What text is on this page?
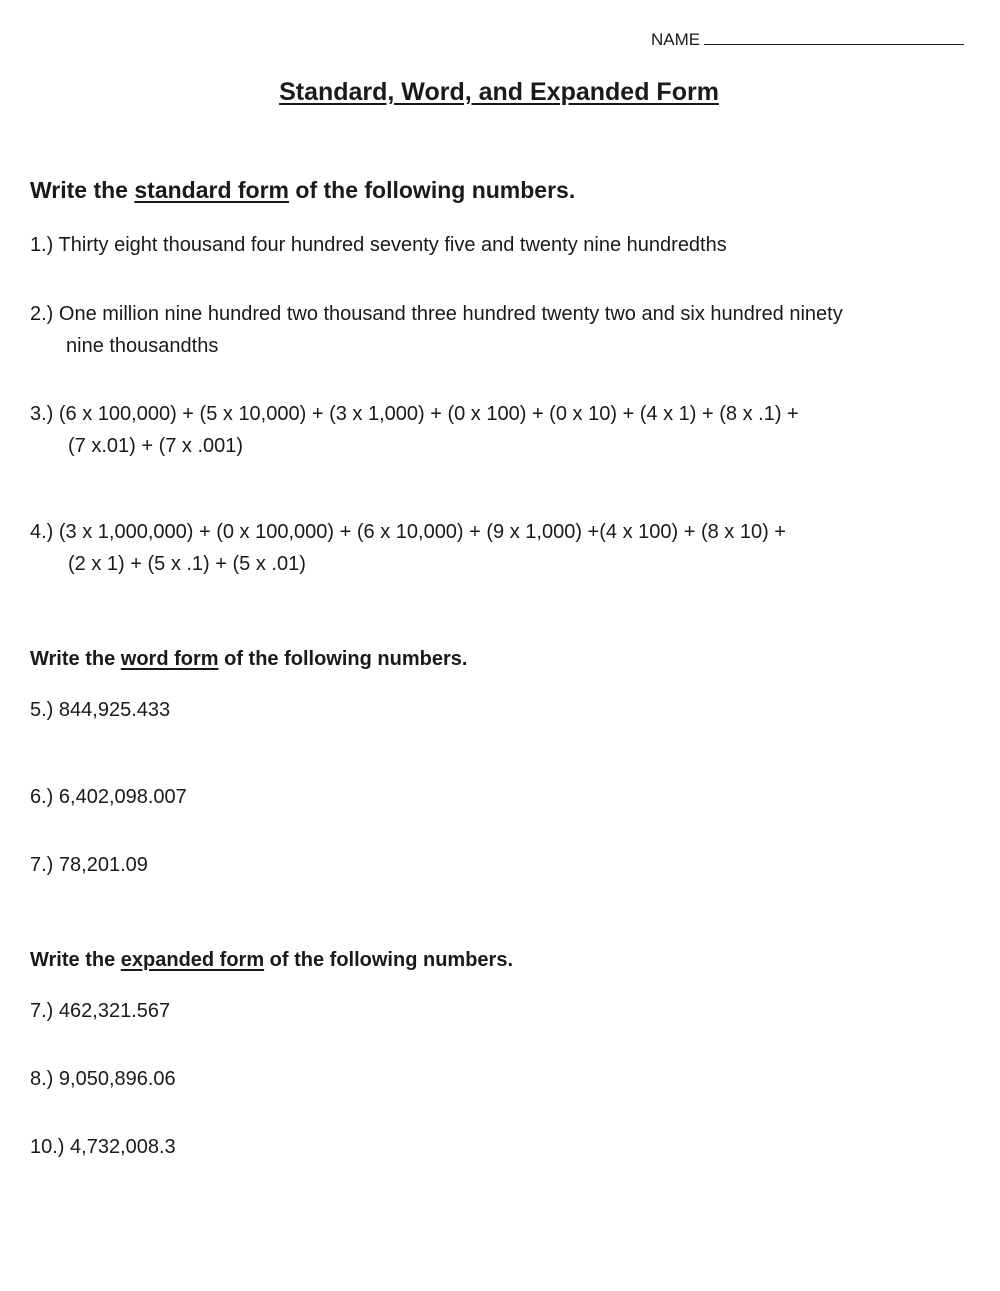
NAME
Standard, Word, and Expanded Form
Write the standard form of the following numbers.
1.) Thirty eight thousand four hundred seventy five and twenty nine hundredths
2.) One million nine hundred two thousand three hundred twenty two and six hundred ninety
nine thousandths
3.) (6 x 100,000) + (5 x 10,000) + (3 x 1,000) + (0 x 100) + (0 x 10) + (4 x 1) + (8 x .1) +
(7 x.01) + (7 x .001)
4.) (3 x 1,000,000) + (0 x 100,000) + (6 x 10,000) + (9 x 1,000) +(4 x 100) + (8 x 10) +
(2 x 1) + (5 x .1) + (5 x .01)
Write the word form of the following numbers.
5.) 844,925.433
6.) 6,402,098.007
7.) 78,201.09
Write the expanded form of the following numbers.
7.) 462,321.567
8.) 9,050,896.06
10.) 4,732,008.3
